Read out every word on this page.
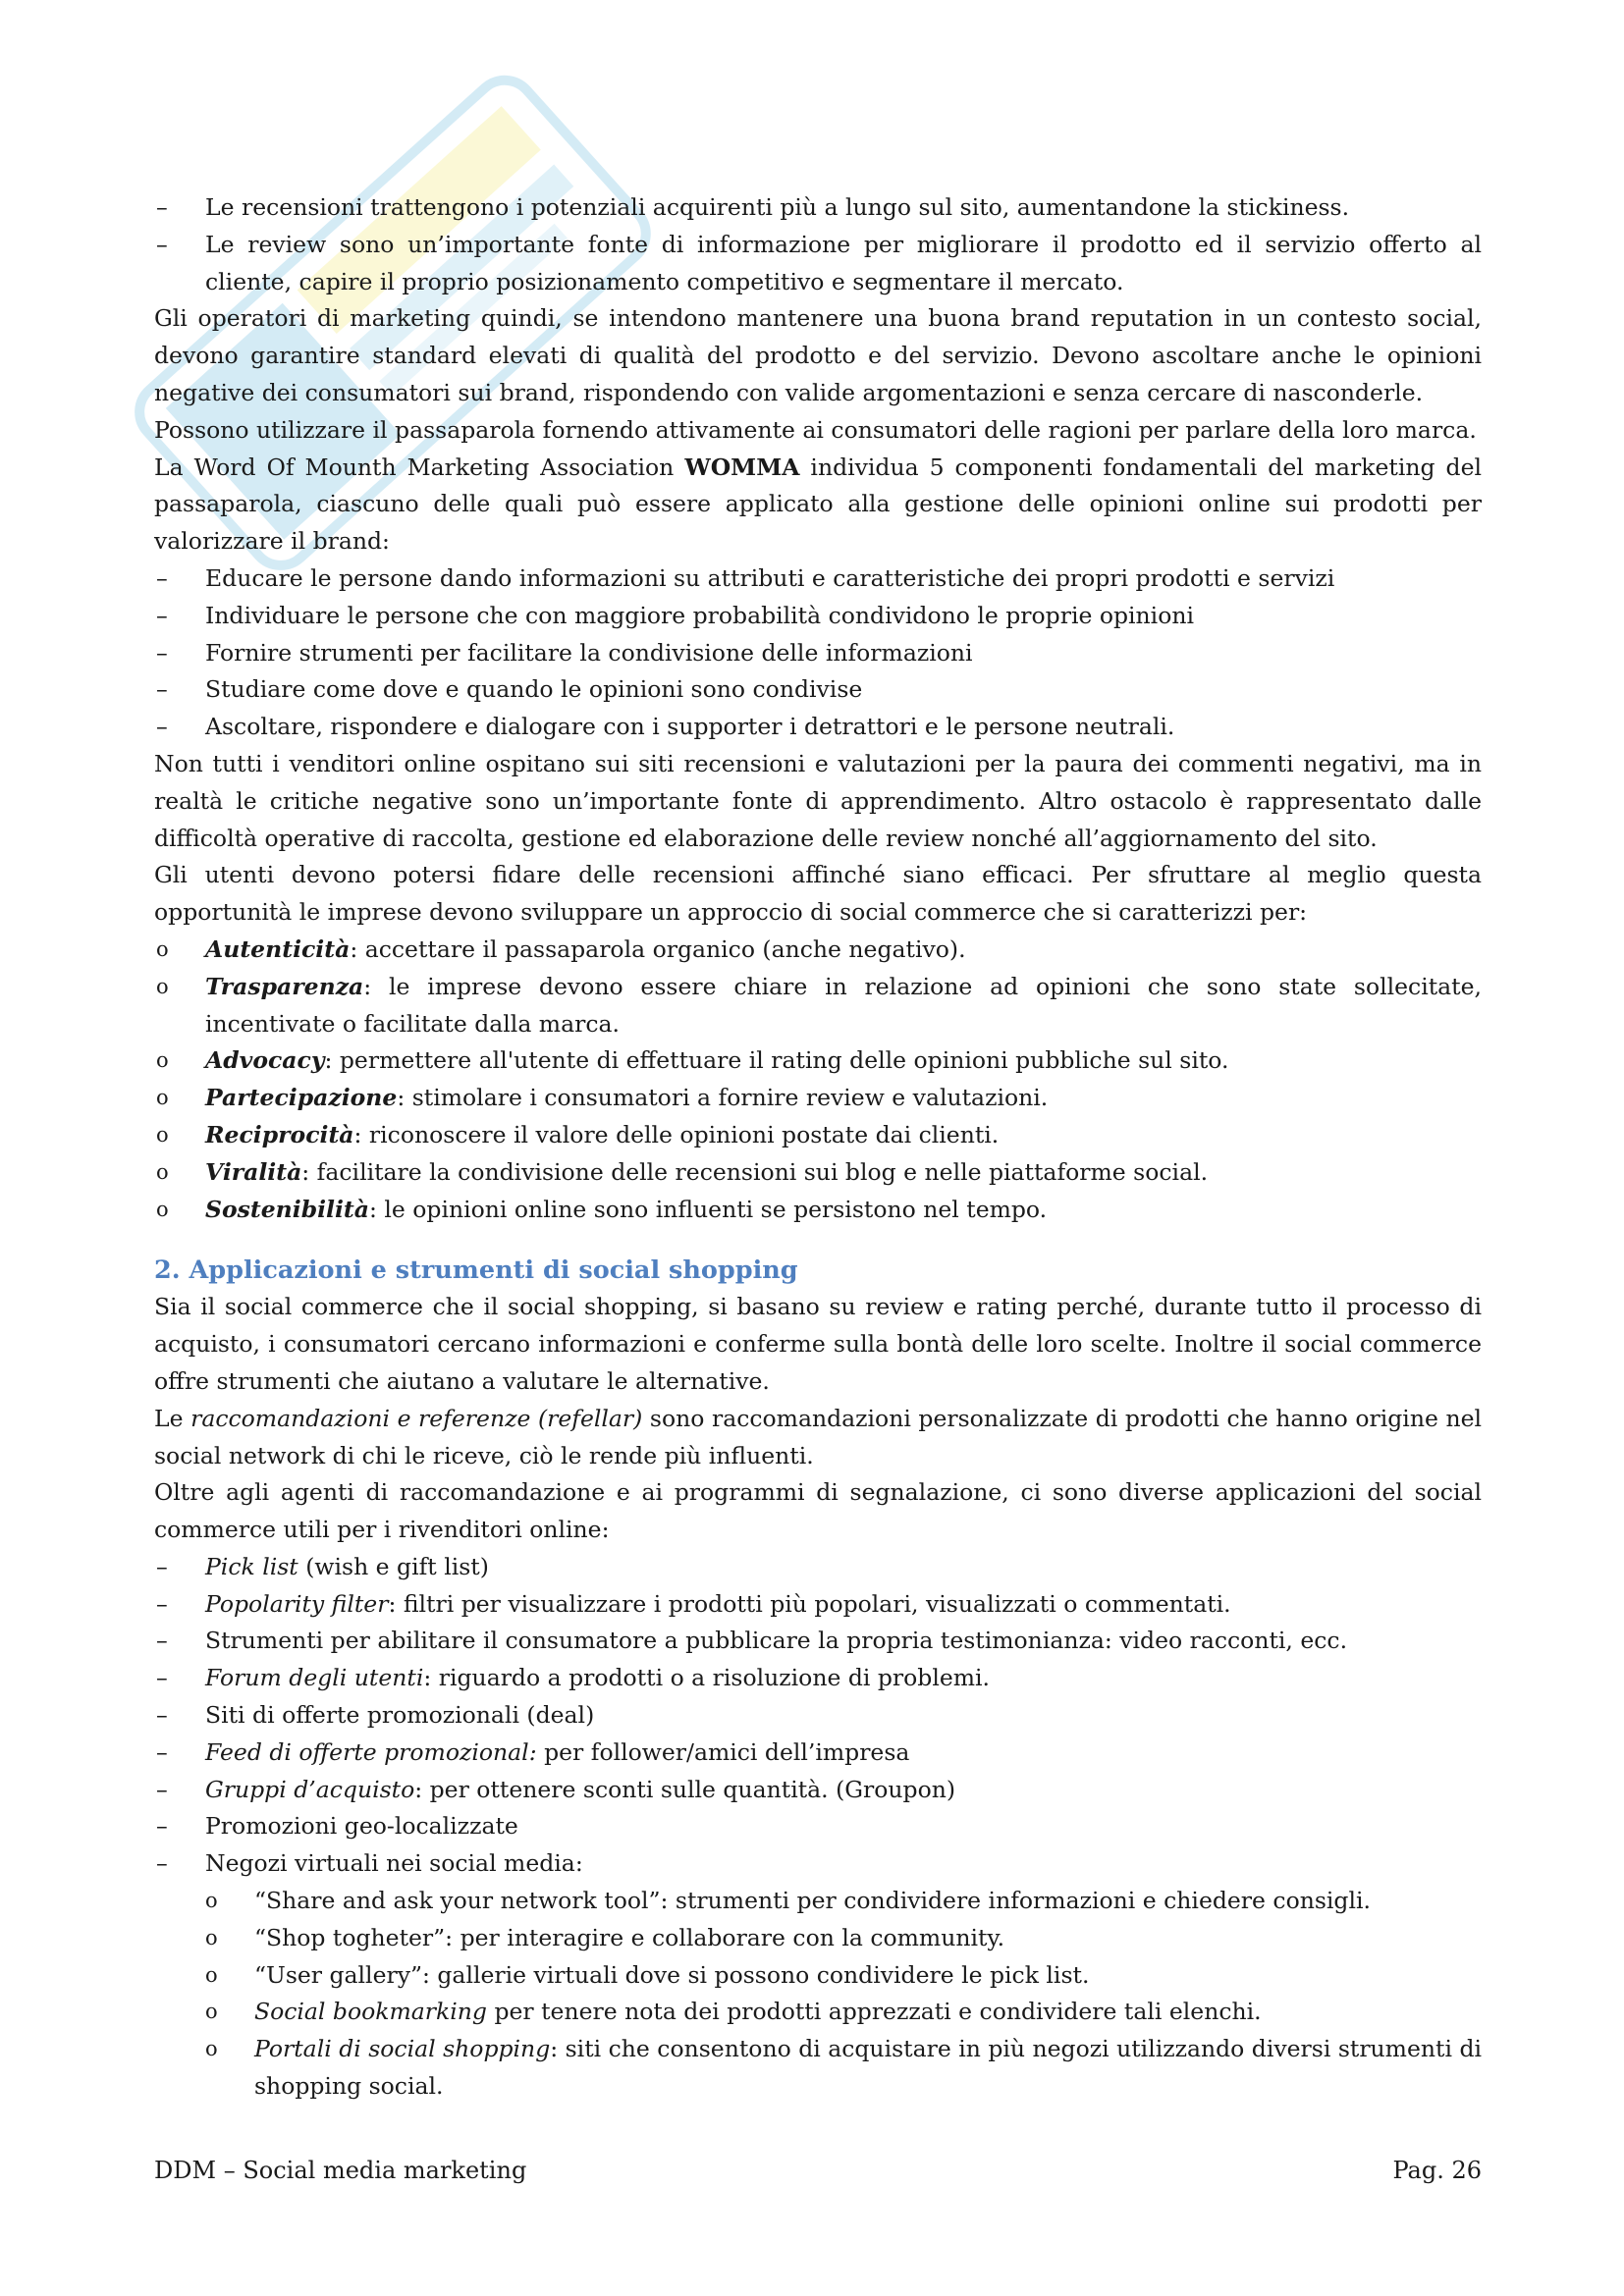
–	Le recensioni trattengono i potenziali acquirenti più a lungo sul sito, aumentandone la stickiness.
–	Le review sono un’importante fonte di informazione per migliorare il prodotto ed il servizio offerto al cliente, capire il proprio posizionamento competitivo e segmentare il mercato.

Gli operatori di marketing quindi, se intendono mantenere una buona brand reputation in un contesto social, devono garantire standard elevati di qualità del prodotto e del servizio. Devono ascoltare anche le opinioni negative dei consumatori sui brand, rispondendo con valide argomentazioni e senza cercare di nasconderle.

Possono utilizzare il passaparola fornendo attivamente ai consumatori delle ragioni per parlare della loro marca.

La Word Of Mounth Marketing Association WOMMA individua 5 componenti fondamentali del marketing del passaparola, ciascuno delle quali può essere applicato alla gestione delle opinioni online sui prodotti per valorizzare il brand:

–	Educare le persone dando informazioni su attributi e caratteristiche dei propri prodotti e servizi
–	Individuare le persone che con maggiore probabilità condividono le proprie opinioni
–	Fornire strumenti per facilitare la condivisione delle informazioni
–	Studiare come dove e quando le opinioni sono condivise
–	Ascoltare, rispondere e dialogare con i supporter i detrattori e le persone neutrali.

Non tutti i venditori online ospitano sui siti recensioni e valutazioni per la paura dei commenti negativi, ma in realtà le critiche negative sono un’importante fonte di apprendimento. Altro ostacolo è rappresentato dalle difficoltà operative di raccolta, gestione ed elaborazione delle review nonché all’aggiornamento del sito.

Gli utenti devono potersi fidare delle recensioni affinché siano efficaci. Per sfruttare al meglio questa opportunità le imprese devono sviluppare un approccio di social commerce che si caratterizzi per:

o	Autenticità: accettare il passaparola organico (anche negativo).
o	Trasparenza: le imprese devono essere chiare in relazione ad opinioni che sono state sollecitate, incentivate o facilitate dalla marca.
o	Advocacy: permettere all'utente di effettuare il rating delle opinioni pubbliche sul sito.
o	Partecipazione: stimolare i consumatori a fornire review e valutazioni.
o	Reciprocità: riconoscere il valore delle opinioni postate dai clienti.
o	Viralità: facilitare la condivisione delle recensioni sui blog e nelle piattaforme social.
o	Sostenibilità: le opinioni online sono influenti se persistono nel tempo.
2. Applicazioni e strumenti di social shopping

Sia il social commerce che il social shopping, si basano su review e rating perché, durante tutto il processo di acquisto, i consumatori cercano informazioni e conferme sulla bontà delle loro scelte. Inoltre il social commerce offre strumenti che aiutano a valutare le alternative.

Le raccomandazioni e referenze (refellar) sono raccomandazioni personalizzate di prodotti che hanno origine nel social network di chi le riceve, ciò le rende più influenti.

Oltre agli agenti di raccomandazione e ai programmi di segnalazione, ci sono diverse applicazioni del social commerce utili per i rivenditori online:

–	Pick list (wish e gift list)
–	Popolarity filter: filtri per visualizzare i prodotti più popolari, visualizzati o commentati.
–	Strumenti per abilitare il consumatore a pubblicare la propria testimonianza: video racconti, ecc.
–	Forum degli utenti: riguardo a prodotti o a risoluzione di problemi.
–	Siti di offerte promozionali (deal)
–	Feed di offerte promozional: per follower/amici dell’impresa
–	Gruppi d’acquisto: per ottenere sconti sulle quantità. (Groupon)
–	Promozioni geo-localizzate
–	Negozi virtuali nei social media:
o	“Share and ask your network tool”: strumenti per condividere informazioni e chiedere consigli.
o	“Shop togheter”: per interagire e collaborare con la community.
o	“User gallery”: gallerie virtuali dove si possono condividere le pick list.
o	Social bookmarking per tenere nota dei prodotti apprezzati e condividere tali elenchi.
o	Portali di social shopping: siti che consentono di acquistare in più negozi utilizzando diversi strumenti di shopping social.
DDM – Social media marketing	Pag. 26
